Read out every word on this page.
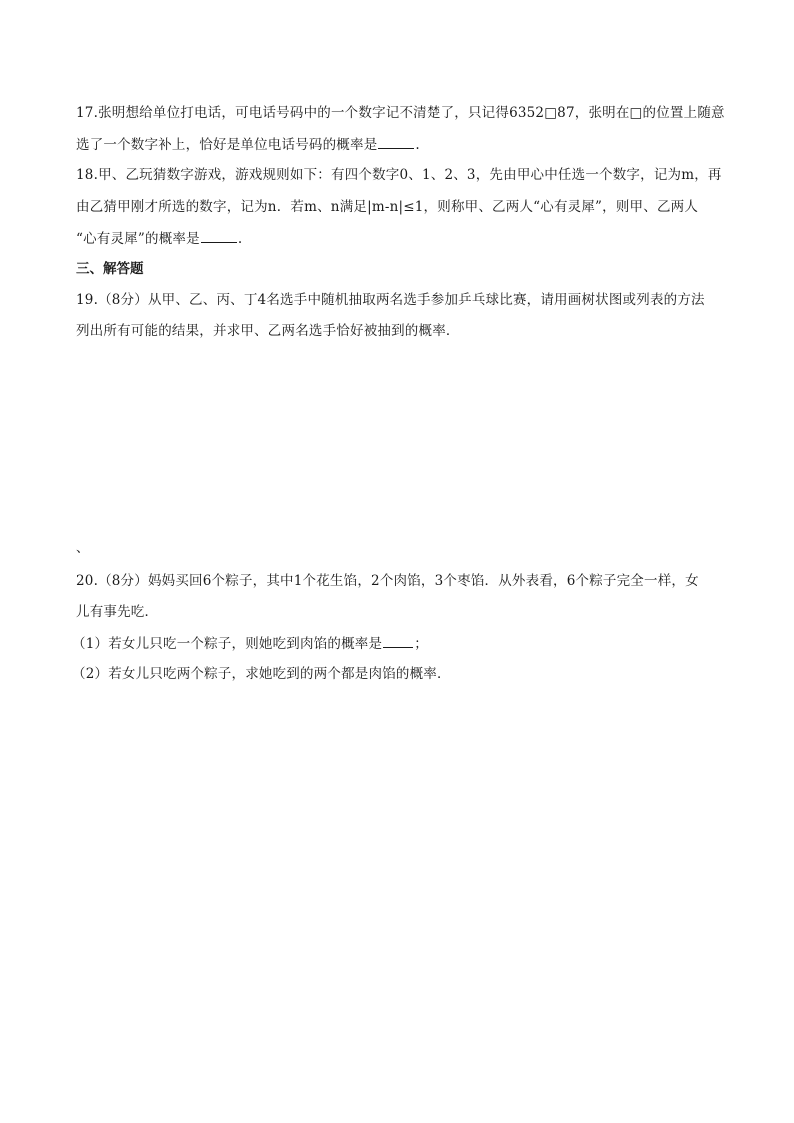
17.张明想给单位打电话，可电话号码中的一个数字记不清楚了，只记得6352□87，张明在□的位置上随意
选了一个数字补上，恰好是单位电话号码的概率是	.
18.甲、乙玩猜数字游戏，游戏规则如下：有四个数字0、1、2、3，先由甲心中任选一个数字，记为m，再
由乙猜甲刚才所选的数字，记为n．若m、n满足|m-n|≤1，则称甲、乙两人“心有灵犀”，则甲、乙两人
“心有灵犀”的概率是	.
三、解答题
19.（8分）从甲、乙、丙、丁4名选手中随机抽取两名选手参加乒乓球比赛，请用画树状图或列表的方法
列出所有可能的结果，并求甲、乙两名选手恰好被抽到的概率．
、
20.（8分）妈妈买回6个粽子，其中1个花生馅，2个肉馅，3个枣馅．从外表看，6个粽子完全一样，女
儿有事先吃．
（1）若女儿只吃一个粽子，则她吃到肉馅的概率是 ；
（2）若女儿只吃两个粽子，求她吃到的两个都是肉馅的概率．
